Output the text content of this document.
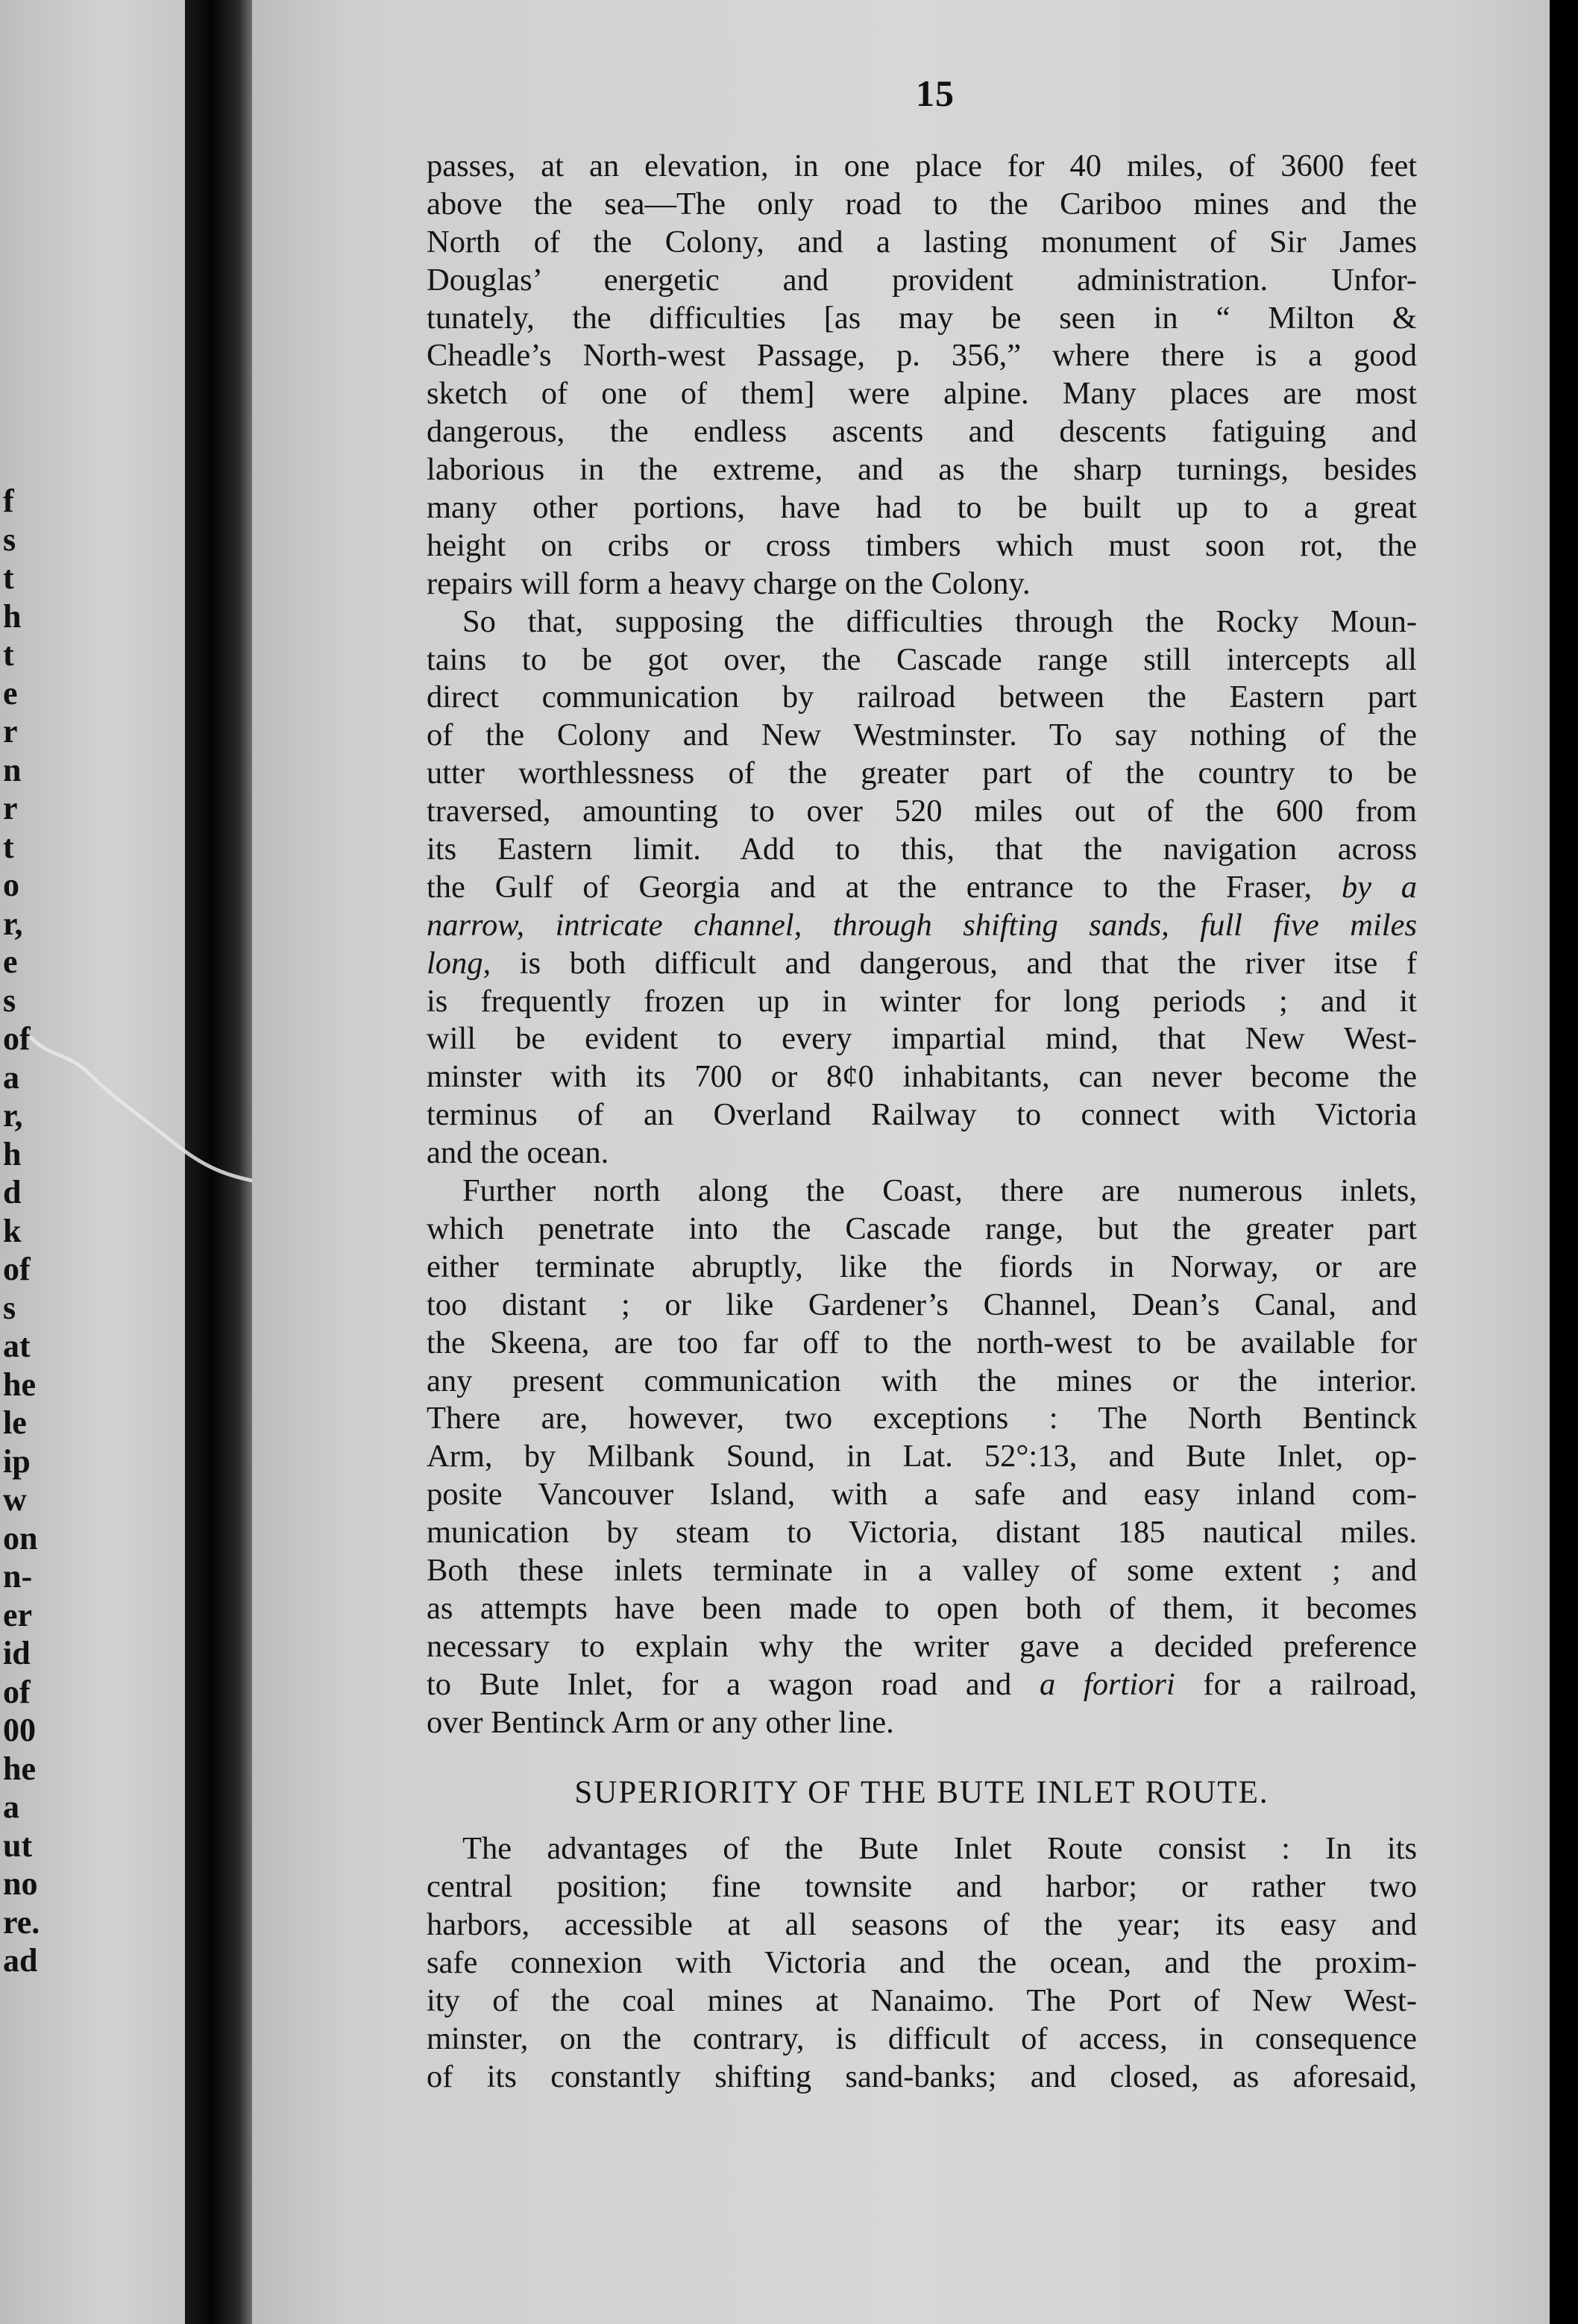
f
s
t
h
t
e
r
n
r
t
o
r,
e
s
of
a
r,
h
d
k
of
s
at
he
le
ip
w
on
n-
er
id
of
00
he
a
ut
no
re.
ad
15
passes, at an elevation, in one place for 40 miles, of 3600 feet
above the sea—The only road to the Cariboo mines and the
North of the Colony, and a lasting monument of Sir James
Douglas’ energetic and provident administration. Unfor-
tunately, the difficulties [as may be seen in “ Milton &
Cheadle’s North-west Passage, p. 356,” where there is a good
sketch of one of them] were alpine. Many places are most
dangerous, the endless ascents and descents fatiguing and
laborious in the extreme, and as the sharp turnings, besides
many other portions, have had to be built up to a great
height on cribs or cross timbers which must soon rot, the
repairs will form a heavy charge on the Colony.
So that, supposing the difficulties through the Rocky Moun-
tains to be got over, the Cascade range still intercepts all
direct communication by railroad between the Eastern part
of the Colony and New Westminster. To say nothing of the
utter worthlessness of the greater part of the country to be
traversed, amounting to over 520 miles out of the 600 from
its Eastern limit. Add to this, that the navigation across
the Gulf of Georgia and at the entrance to the Fraser, by a
narrow, intricate channel, through shifting sands, full five miles
long, is both difficult and dangerous, and that the river itse f
is frequently frozen up in winter for long periods ; and it
will be evident to every impartial mind, that New West-
minster with its 700 or 8¢0 inhabitants, can never become the
terminus of an Overland Railway to connect with Victoria
and the ocean.
Further north along the Coast, there are numerous inlets,
which penetrate into the Cascade range, but the greater part
either terminate abruptly, like the fiords in Norway, or are
too distant ; or like Gardener’s Channel, Dean’s Canal, and
the Skeena, are too far off to the north-west to be available for
any present communication with the mines or the interior.
There are, however, two exceptions : The North Bentinck
Arm, by Milbank Sound, in Lat. 52°:13, and Bute Inlet, op-
posite Vancouver Island, with a safe and easy inland com-
munication by steam to Victoria, distant 185 nautical miles.
Both these inlets terminate in a valley of some extent ; and
as attempts have been made to open both of them, it becomes
necessary to explain why the writer gave a decided preference
to Bute Inlet, for a wagon road and a fortiori for a railroad,
over Bentinck Arm or any other line.
SUPERIORITY OF THE BUTE INLET ROUTE.
The advantages of the Bute Inlet Route consist : In its
central position; fine townsite and harbor; or rather two
harbors, accessible at all seasons of the year; its easy and
safe connexion with Victoria and the ocean, and the proxim-
ity of the coal mines at Nanaimo. The Port of New West-
minster, on the contrary, is difficult of access, in consequence
of its constantly shifting sand-banks; and closed, as aforesaid,
